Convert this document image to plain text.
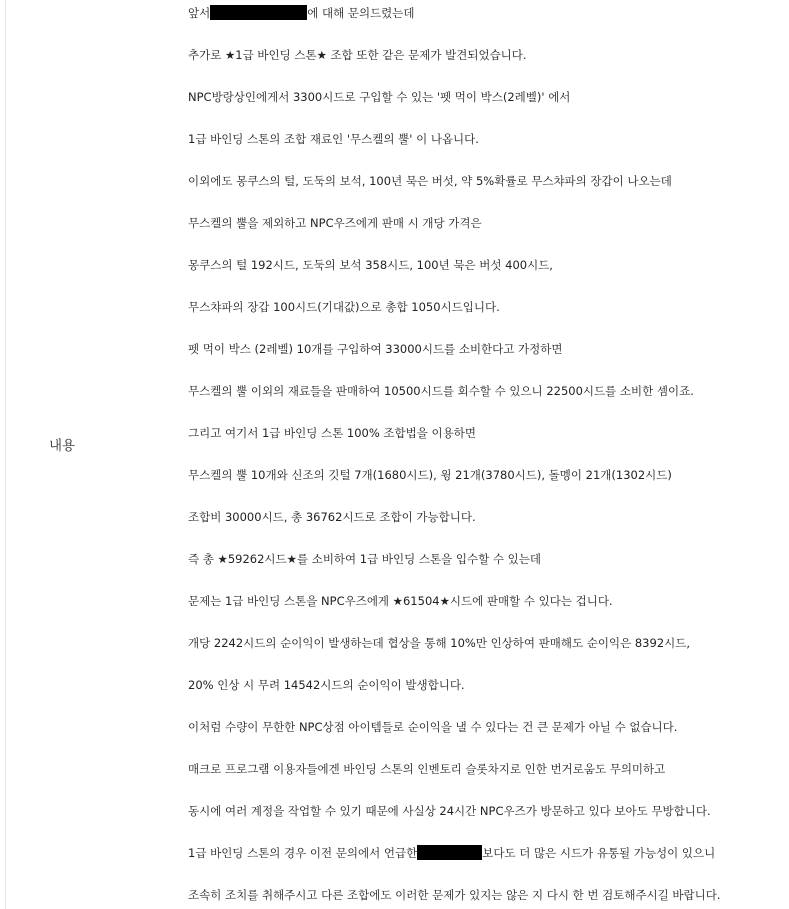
내용
앞서	에 대해 문의드렸는데
추가로 ★1급 바인딩 스톤★ 조합 또한 같은 문제가 발견되었습니다.
NPC방랑상인에게서 3300시드로 구입할 수 있는 '펫 먹이 박스(2레벨)' 에서
1급 바인딩 스톤의 조합 재료인 '무스켈의 뿔' 이 나옵니다.
이외에도 몽쿠스의 털, 도둑의 보석, 100년 묵은 버섯, 약 5%확률로 무스챠파의 장갑이 나오는데
무스켈의 뿔을 제외하고 NPC우즈에게 판매 시 개당 가격은
몽쿠스의 털 192시드, 도둑의 보석 358시드, 100년 묵은 버섯 400시드,
무스챠파의 장갑 100시드(기대값)으로 총합 1050시드입니다.
펫 먹이 박스 (2레벨) 10개를 구입하여 33000시드를 소비한다고 가정하면
무스켈의 뿔 이외의 재료들을 판매하여 10500시드를 회수할 수 있으니 22500시드를 소비한 셈이죠.
그리고 여기서 1급 바인딩 스톤 100% 조합법을 이용하면
무스켈의 뿔 10개와 신조의 깃털 7개(1680시드), 윙 21개(3780시드), 돌멩이 21개(1302시드)
조합비 30000시드, 총 36762시드로 조합이 가능합니다.
즉 총 ★59262시드★를 소비하여 1급 바인딩 스톤을 입수할 수 있는데
문제는 1급 바인딩 스톤을 NPC우즈에게 ★61504★시드에 판매할 수 있다는 겁니다.
개당 2242시드의 순이익이 발생하는데 협상을 통해 10%만 인상하여 판매해도 순이익은 8392시드,
20% 인상 시 무려 14542시드의 순이익이 발생합니다.
이처럼 수량이 무한한 NPC상점 아이템들로 순이익을 낼 수 있다는 건 큰 문제가 아닐 수 없습니다.
매크로 프로그램 이용자들에겐 바인딩 스톤의 인벤토리 슬롯차지로 인한 번거로움도 무의미하고
동시에 여러 계정을 작업할 수 있기 때문에 사실상 24시간 NPC우즈가 방문하고 있다 보아도 무방합니다.
1급 바인딩 스톤의 경우 이전 문의에서 언급한	보다도 더 많은 시드가 유통될 가능성이 있으니
조속히 조치를 취해주시고 다른 조합에도 이러한 문제가 있지는 않은 지 다시 한 번 검토해주시길 바랍니다.
